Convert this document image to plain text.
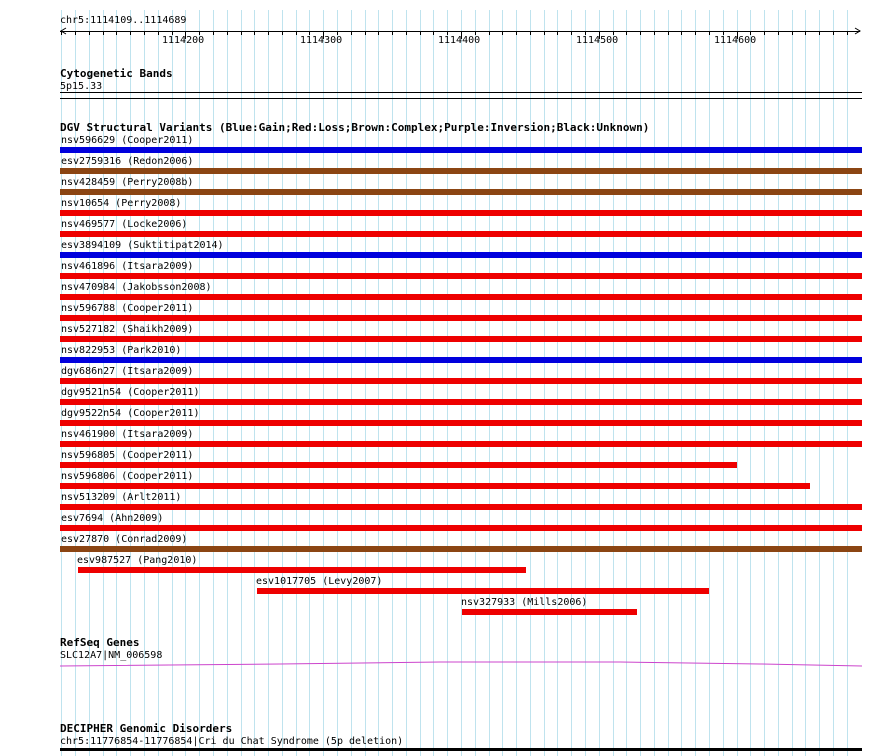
chr5:1114109..1114689
1114200	1114300	1114400	1114500	1114600
Cytogenetic Bands
5p15.33
DGV Structural Variants (Blue:Gain;Red:Loss;Brown:Complex;Purple:Inversion;Black:Unknown)
nsv596629 (Cooper2011)
esv2759316 (Redon2006)
nsv428459 (Perry2008b)
nsv10654 (Perry2008)
nsv469577 (Locke2006)
esv3894109 (Suktitipat2014)
nsv461896 (Itsara2009)
nsv470984 (Jakobsson2008)
nsv596788 (Cooper2011)
nsv527182 (Shaikh2009)
nsv822953 (Park2010)
dgv686n27 (Itsara2009)
dgv9521n54 (Cooper2011)
dgv9522n54 (Cooper2011)
nsv461900 (Itsara2009)
nsv596805 (Cooper2011)
nsv596806 (Cooper2011)
nsv513209 (Arlt2011)
esv7694 (Ahn2009)
esv27870 (Conrad2009)
esv987527 (Pang2010)
esv1017705 (Levy2007)
nsv327933 (Mills2006)
RefSeq Genes
SLC12A7|NM_006598
DECIPHER Genomic Disorders
chr5:11776854-11776854|Cri du Chat Syndrome (5p deletion)
